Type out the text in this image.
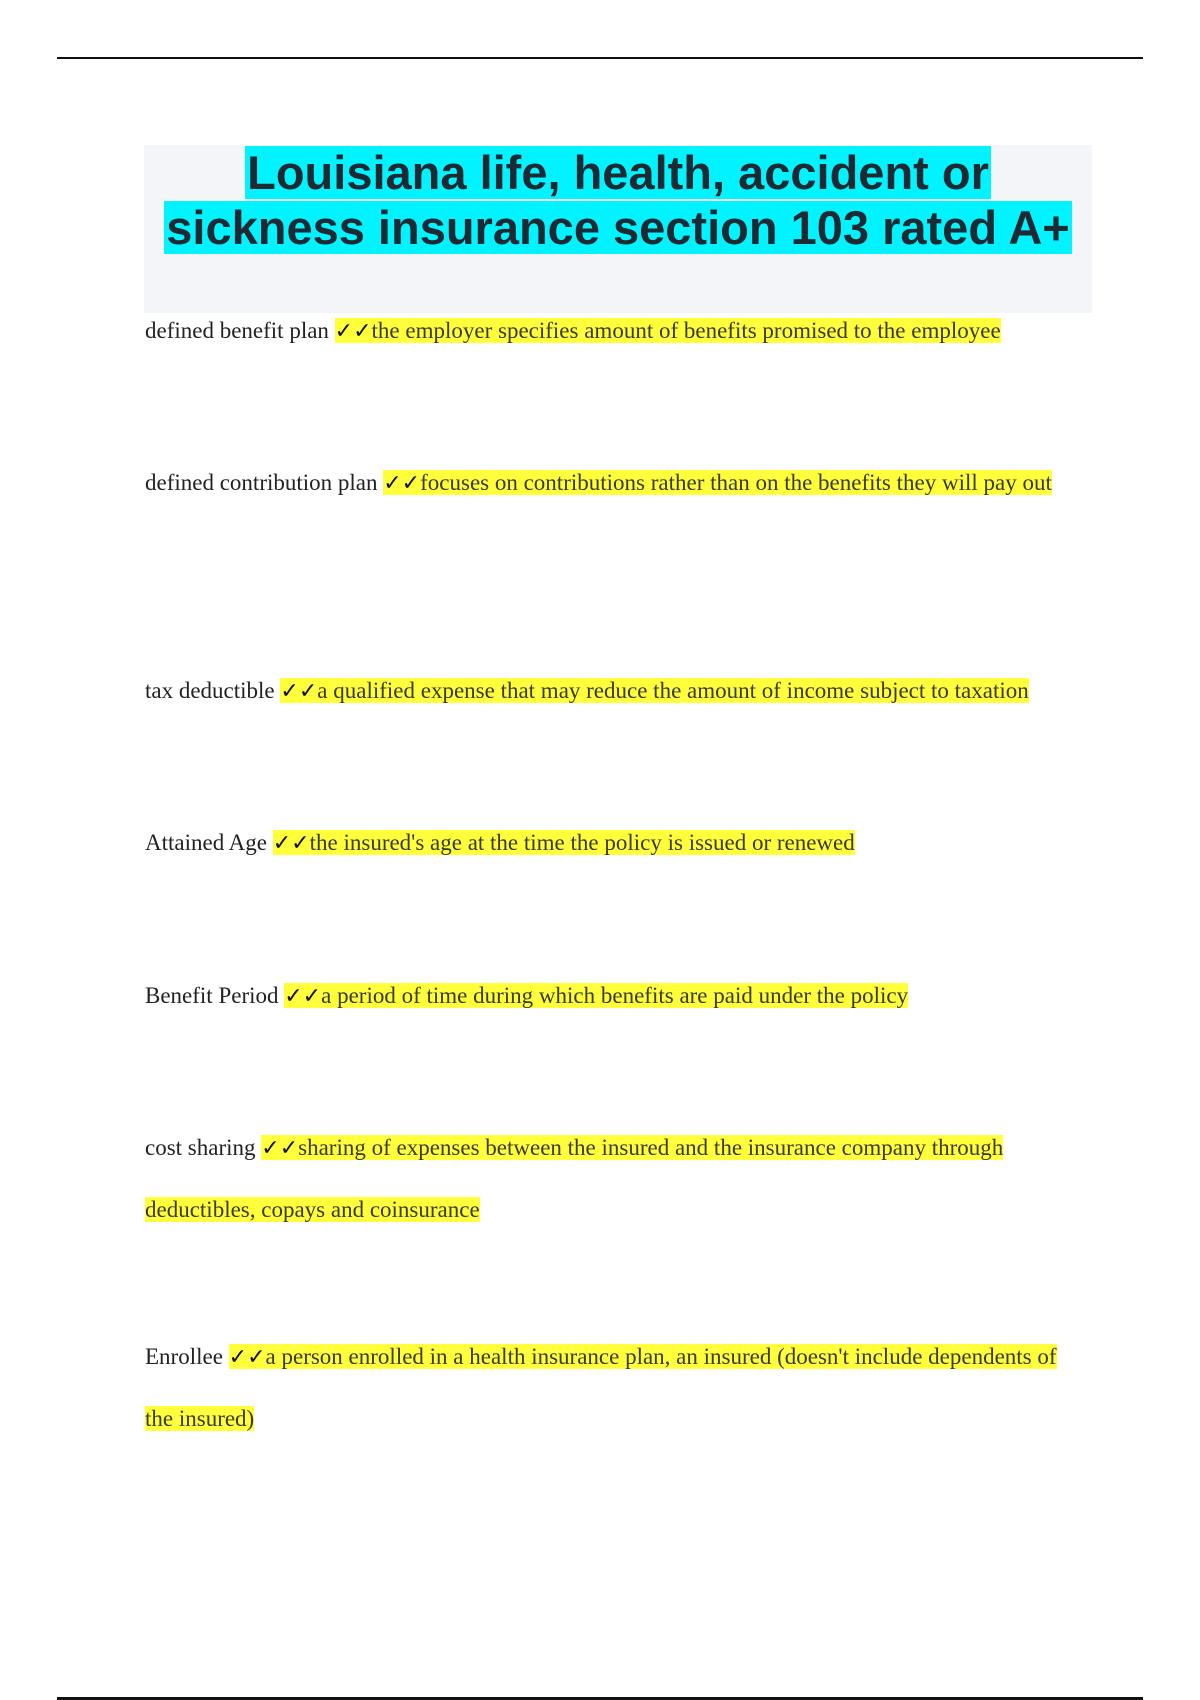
Louisiana life, health, accident or
sickness insurance section 103 rated A+
defined benefit plan ✓✓the employer specifies amount of benefits promised to the employee
defined contribution plan ✓✓focuses on contributions rather than on the benefits they will pay out
tax deductible ✓✓a qualified expense that may reduce the amount of income subject to taxation
Attained Age ✓✓the insured's age at the time the policy is issued or renewed
Benefit Period ✓✓a period of time during which benefits are paid under the policy
cost sharing ✓✓sharing of expenses between the insured and the insurance company through deductibles, copays and coinsurance
Enrollee ✓✓a person enrolled in a health insurance plan, an insured (doesn't include dependents of the insured)
